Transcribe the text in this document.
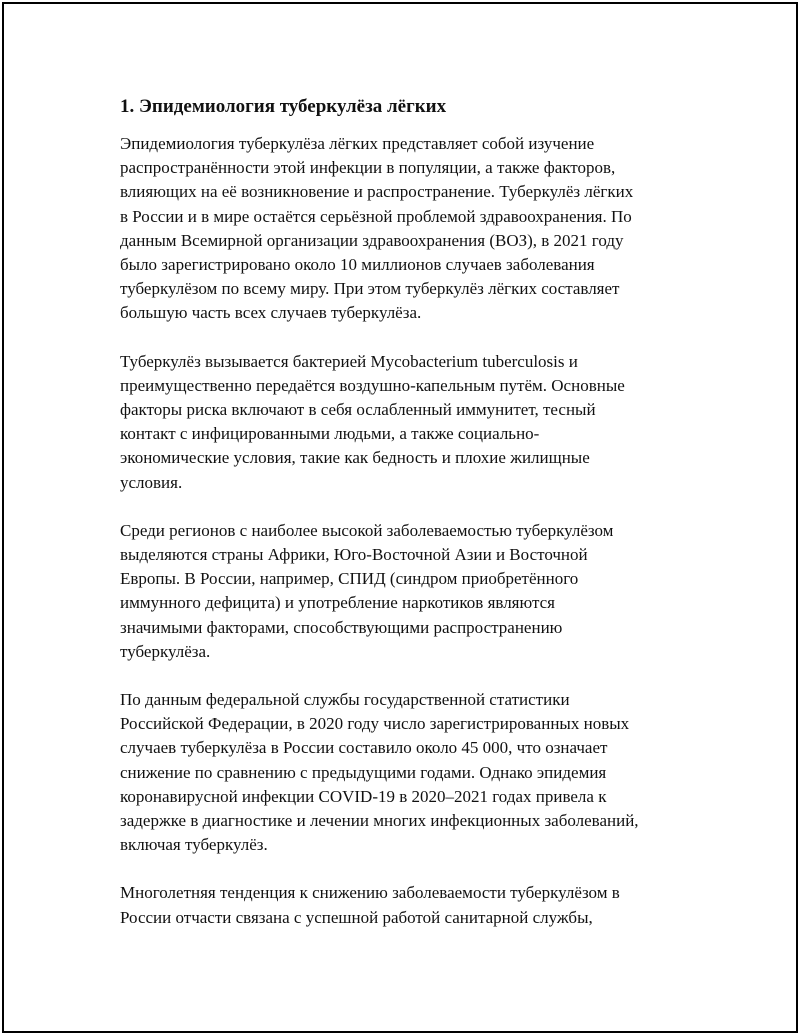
1. Эпидемиология туберкулёза лёгких

Эпидемиология туберкулёза лёгких представляет собой изучение
распространённости этой инфекции в популяции, а также факторов,
влияющих на её возникновение и распространение. Туберкулёз лёгких
в России и в мире остаётся серьёзной проблемой здравоохранения. По
данным Всемирной организации здравоохранения (ВОЗ), в 2021 году
было зарегистрировано около 10 миллионов случаев заболевания
туберкулёзом по всему миру. При этом туберкулёз лёгких составляет
большую часть всех случаев туберкулёза.

Туберкулёз вызывается бактерией Mycobacterium tuberculosis и
преимущественно передаётся воздушно-капельным путём. Основные
факторы риска включают в себя ослабленный иммунитет, тесный
контакт с инфицированными людьми, а также социально-
экономические условия, такие как бедность и плохие жилищные
условия.

Среди регионов с наиболее высокой заболеваемостью туберкулёзом
выделяются страны Африки, Юго-Восточной Азии и Восточной
Европы. В России, например, СПИД (синдром приобретённого
иммунного дефицита) и употребление наркотиков являются
значимыми факторами, способствующими распространению
туберкулёза.

По данным федеральной службы государственной статистики
Российской Федерации, в 2020 году число зарегистрированных новых
случаев туберкулёза в России составило около 45 000, что означает
снижение по сравнению с предыдущими годами. Однако эпидемия
коронавирусной инфекции COVID-19 в 2020–2021 годах привела к
задержке в диагностике и лечении многих инфекционных заболеваний,
включая туберкулёз.

Многолетняя тенденция к снижению заболеваемости туберкулёзом в
России отчасти связана с успешной работой санитарной службы,
